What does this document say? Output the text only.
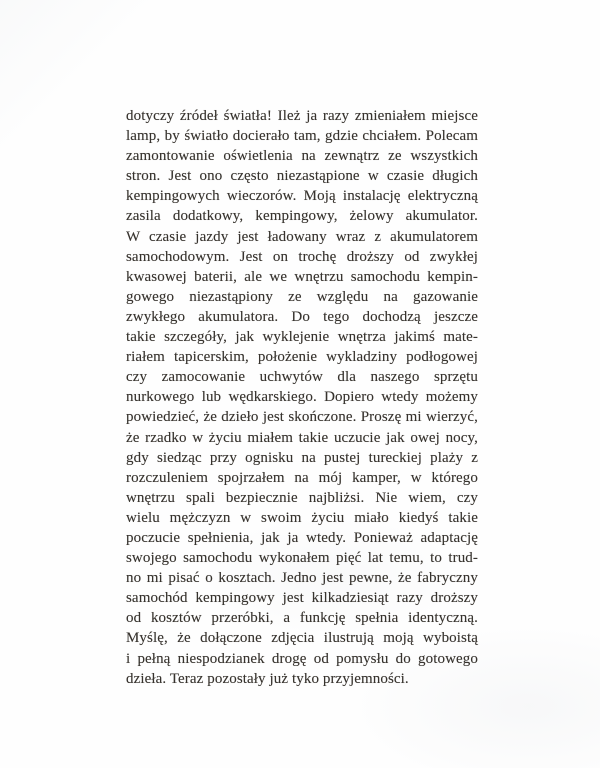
dotyczy źródeł światła! Ileż ja razy zmieniałem miejsce
lamp, by światło docierało tam, gdzie chciałem. Polecam
zamontowanie oświetlenia na zewnątrz ze wszystkich
stron. Jest ono często niezastąpione w czasie długich
kempingowych wieczorów. Moją instalację elektryczną
zasila dodatkowy, kempingowy, żelowy akumulator.
W czasie jazdy jest ładowany wraz z akumulatorem
samochodowym. Jest on trochę droższy od zwykłej
kwasowej baterii, ale we wnętrzu samochodu kempin-
gowego niezastąpiony ze względu na gazowanie
zwykłego akumulatora. Do tego dochodzą jeszcze
takie szczegóły, jak wyklejenie wnętrza jakimś mate-
riałem tapicerskim, położenie wykladziny podłogowej
czy zamocowanie uchwytów dla naszego sprzętu
nurkowego lub wędkarskiego. Dopiero wtedy możemy
powiedzieć, że dzieło jest skończone. Proszę mi wierzyć,
że rzadko w życiu miałem takie uczucie jak owej nocy,
gdy siedząc przy ognisku na pustej tureckiej plaży z
rozczuleniem spojrzałem na mój kamper, w którego
wnętrzu spali bezpiecznie najbliżsi. Nie wiem, czy
wielu mężczyzn w swoim życiu miało kiedyś takie
poczucie spełnienia, jak ja wtedy. Ponieważ adaptację
swojego samochodu wykonałem pięć lat temu, to trud-
no mi pisać o kosztach. Jedno jest pewne, że fabryczny
samochód kempingowy jest kilkadziesiąt razy droższy
od kosztów przeróbki, a funkcję spełnia identyczną.
Myślę, że dołączone zdjęcia ilustrują moją wyboistą
i pełną niespodzianek drogę od pomysłu do gotowego
dzieła. Teraz pozostały już tyko przyjemności.
